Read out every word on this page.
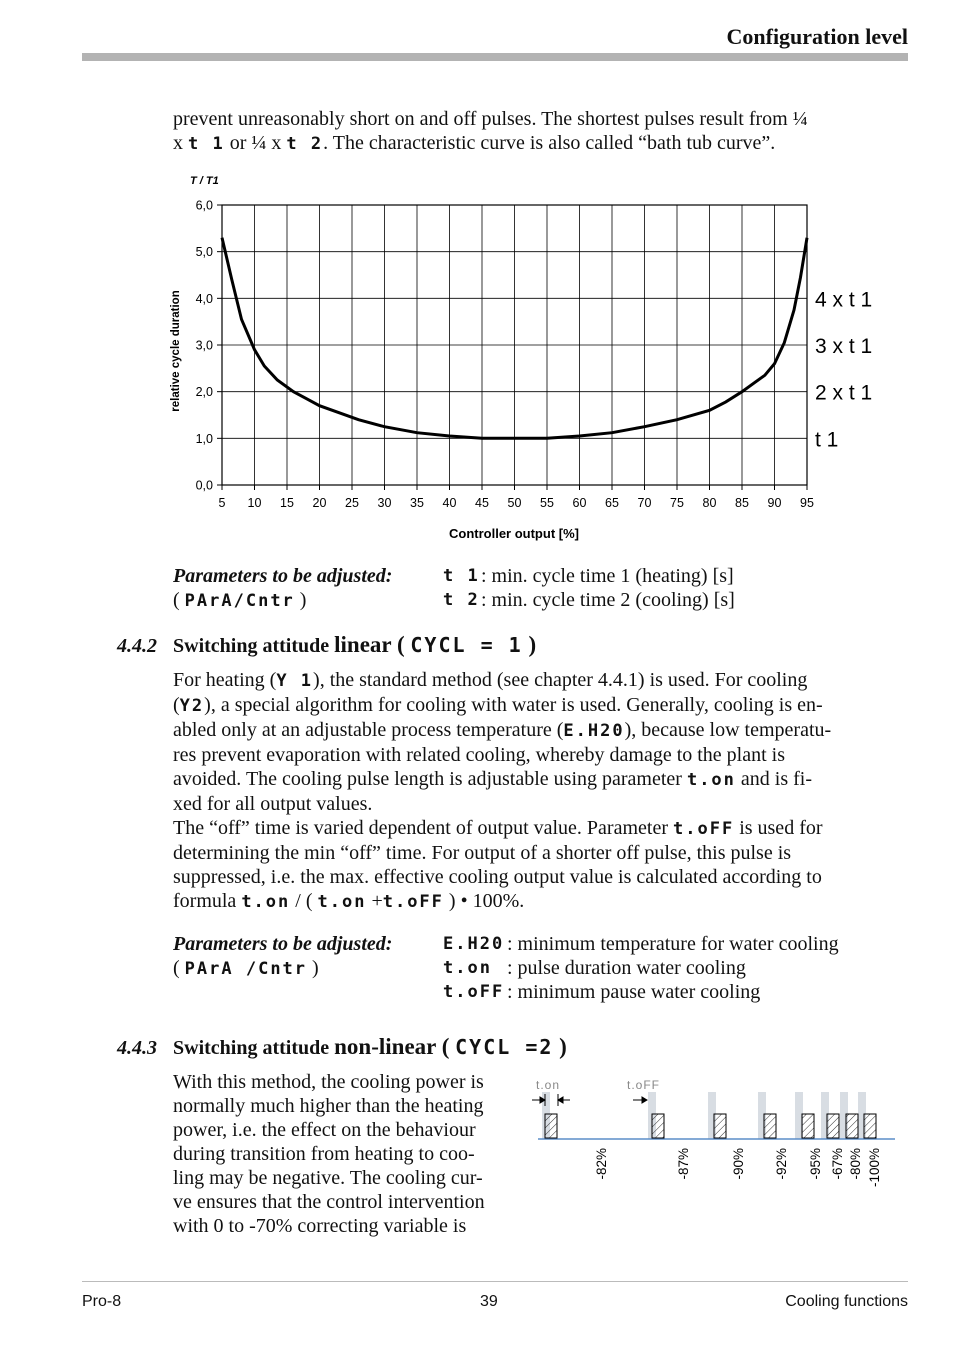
Configuration level
prevent unreasonably short on and off pulses. The shortest pulses result from ¼
x t 1 or ¼ x t 2. The characteristic curve is also called “bath tub curve”.
5 10 15 20 25 30 35 40 45 50 55 60 65 70 75 80 85 90 95
0,0
1,0
2,0
3,0
4,0
5,0
6,0
T / T1
relative cycle duration
Controller output [%]
4 x t 1
3 x t 1
2 x t 1
t 1
Parameters to be adjusted:
( PArA/Cntr )
t 1 : min. cycle time 1 (heating) [s]
t 2 : min. cycle time 2 (cooling) [s]
4.4.2 Switching attitude linear ( CYCL = 1 )
For heating (Y 1), the standard method (see chapter 4.4.1) is used. For cooling
(Y2), a special algorithm for cooling with water is used. Generally, cooling is en-
abled only at an adjustable process temperature (E.H20), because low temperatu-
res prevent evaporation with related cooling, whereby damage to the plant is
avoided. The cooling pulse length is adjustable using parameter t.on and is fi-
xed for all output values.
The “off” time is varied dependent of output value. Parameter t.oFF is used for
determining the min “off” time. For output of a shorter off pulse, this pulse is
suppressed, i.e. the max. effective cooling output value is calculated according to
formula t.on / ( t.on +t.oFF ) • 100%.
Parameters to be adjusted:
( PArA /Cntr )
E.H20 : minimum temperature for water cooling
t.on : pulse duration water cooling
t.oFF : minimum pause water cooling
4.4.3 Switching attitude non-linear ( CYCL =2 )
With this method, the cooling power is
normally much higher than the heating
power, i.e. the effect on the behaviour
during transition from heating to coo-
ling may be negative. The cooling cur-
ve ensures that the control intervention
with 0 to -70% correcting variable is
t.on	t.oFF
-82%	-87%	-90% -92% -95% -67% -80% -100%
Pro-8	39	Cooling functions
